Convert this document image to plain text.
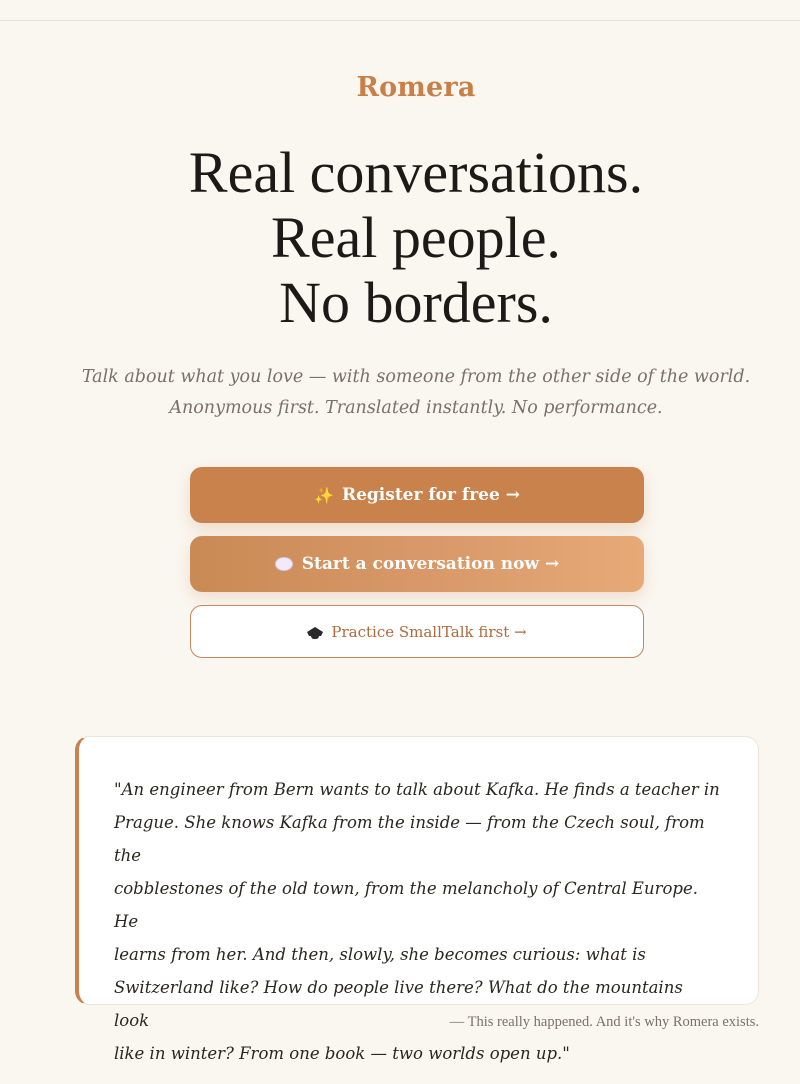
Romera
Real conversations.
Real people.
No borders.
Talk about what you love — with someone from the other side of the world.
Anonymous first. Translated instantly. No performance.
✨ Register for free →
Start a conversation now →
Practice SmallTalk first →
"An engineer from Bern wants to talk about Kafka. He finds a teacher in
Prague. She knows Kafka from the inside — from the Czech soul, from the
cobblestones of the old town, from the melancholy of Central Europe. He
learns from her. And then, slowly, she becomes curious: what is
Switzerland like? How do people live there? What do the mountains look
like in winter? From one book — two worlds open up."
— This really happened. And it's why Romera exists.
